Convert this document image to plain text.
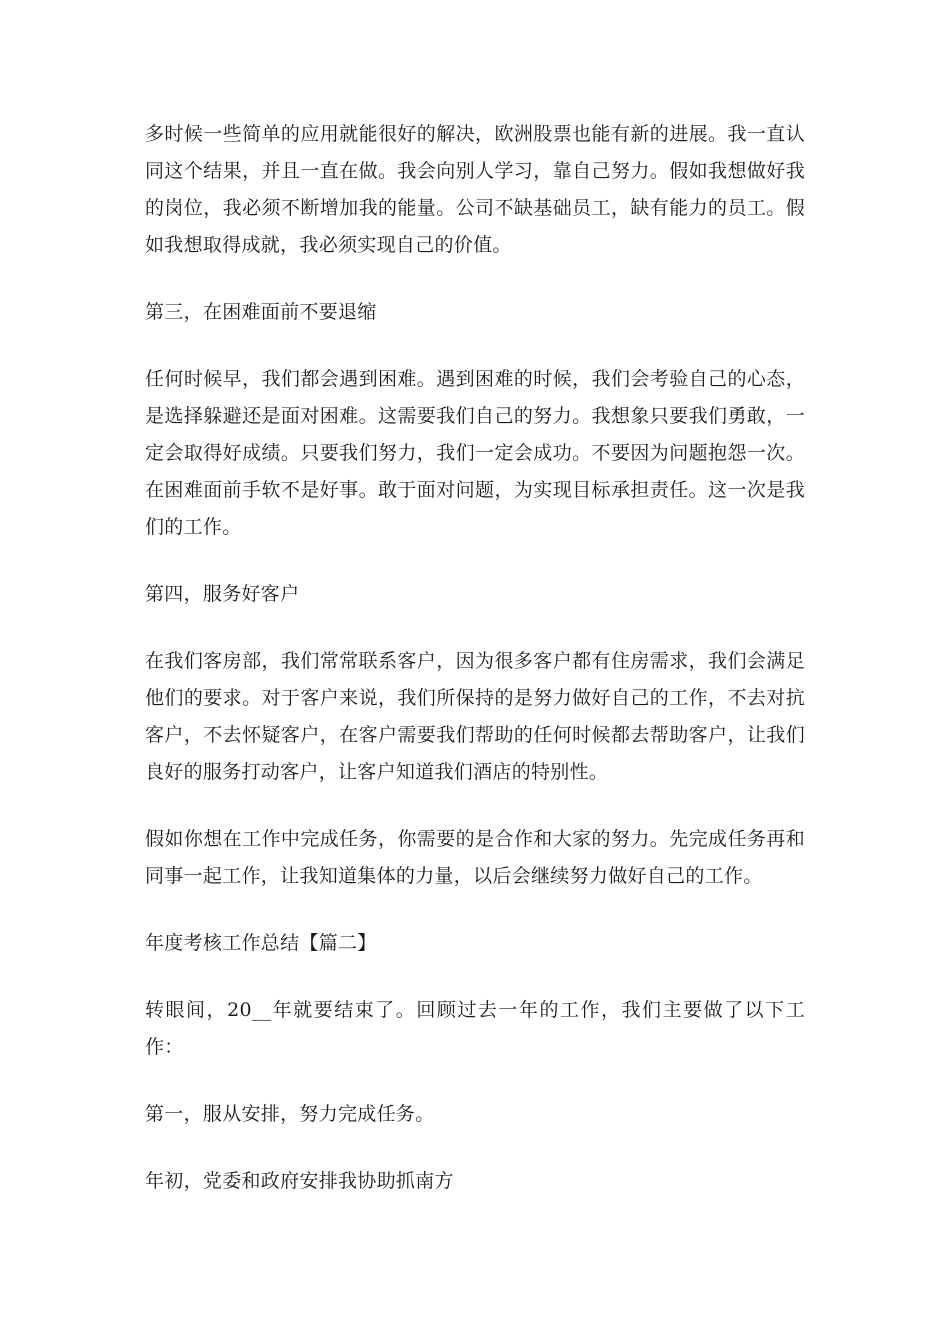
多时候一些简单的应用就能很好的解决，欧洲股票也能有新的进展。我一直认同这个结果，并且一直在做。我会向别人学习，靠自己努力。假如我想做好我的岗位，我必须不断增加我的能量。公司不缺基础员工，缺有能力的员工。假如我想取得成就，我必须实现自己的价值。

第三，在困难面前不要退缩

任何时候早，我们都会遇到困难。遇到困难的时候，我们会考验自己的心态，是选择躲避还是面对困难。这需要我们自己的努力。我想象只要我们勇敢，一定会取得好成绩。只要我们努力，我们一定会成功。不要因为问题抱怨一次。在困难面前手软不是好事。敢于面对问题，为实现目标承担责任。这一次是我们的工作。

第四，服务好客户

在我们客房部，我们常常联系客户，因为很多客户都有住房需求，我们会满足他们的要求。对于客户来说，我们所保持的是努力做好自己的工作，不去对抗客户，不去怀疑客户，在客户需要我们帮助的任何时候都去帮助客户，让我们良好的服务打动客户，让客户知道我们酒店的特别性。

假如你想在工作中完成任务，你需要的是合作和大家的努力。先完成任务再和同事一起工作，让我知道集体的力量，以后会继续努力做好自己的工作。

年度考核工作总结【篇二】

转眼间，20__年就要结束了。回顾过去一年的工作，我们主要做了以下工作：

第一，服从安排，努力完成任务。

年初，党委和政府安排我协助抓南方
